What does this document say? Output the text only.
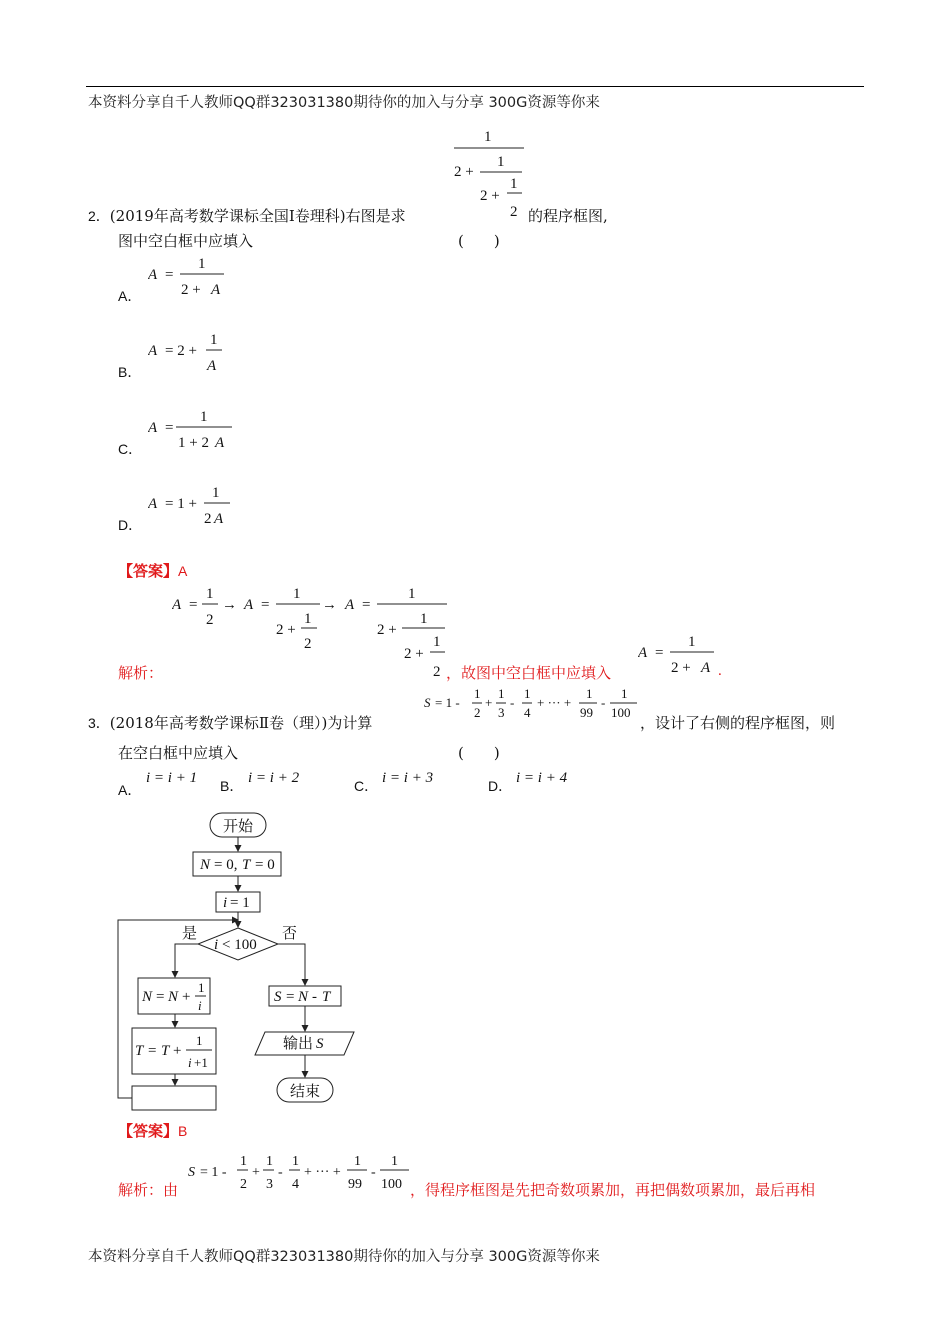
本资料分享自千人教师QQ群323031380期待你的加入与分享 300G资源等你来
1
2 +
1
2 +
1
2
2．(2019年高考数学课标全国Ⅰ卷理科)右图是求	的程序框图,
图中空白框中应填入	(　　)
A．
A =
1
2 + A
B．
A = 2 +
1
A
C．
A =
1
1 + 2 A
D．
A = 1 +
1
2 A
【答案】A
A =
1
2
→ A =
1
2 +
1
2
→ A =
1
2 +
1
2 +
1
2
解析：	，故图中空白框中应填入
A =
1
2 + A .
3．(2018年高考数学课标Ⅱ卷（理）)为计算
S = 1 -
1
2
+
1
3
-
1
4
+ ··· +
1
99
-
1
100
，设计了右侧的程序框图，则
在空白框中应填入	(　　)
A．
i = i + 1 B． i = i + 2	C． i = i + 3	D． i = i + 4
开始
N = 0, T = 0
i = 1
i < 100
是	否
N = N +
1
i
T = T +
1
i +1
S = N - T
输出 S
结束
【答案】B
解析：由
S = 1 -
1
2
+
1
3
-
1
4
+ ··· +
1
99
-
1
100 ，得程序框图是先把奇数项累加，再把偶数项累加，最后再相
本资料分享自千人教师QQ群323031380期待你的加入与分享 300G资源等你来
